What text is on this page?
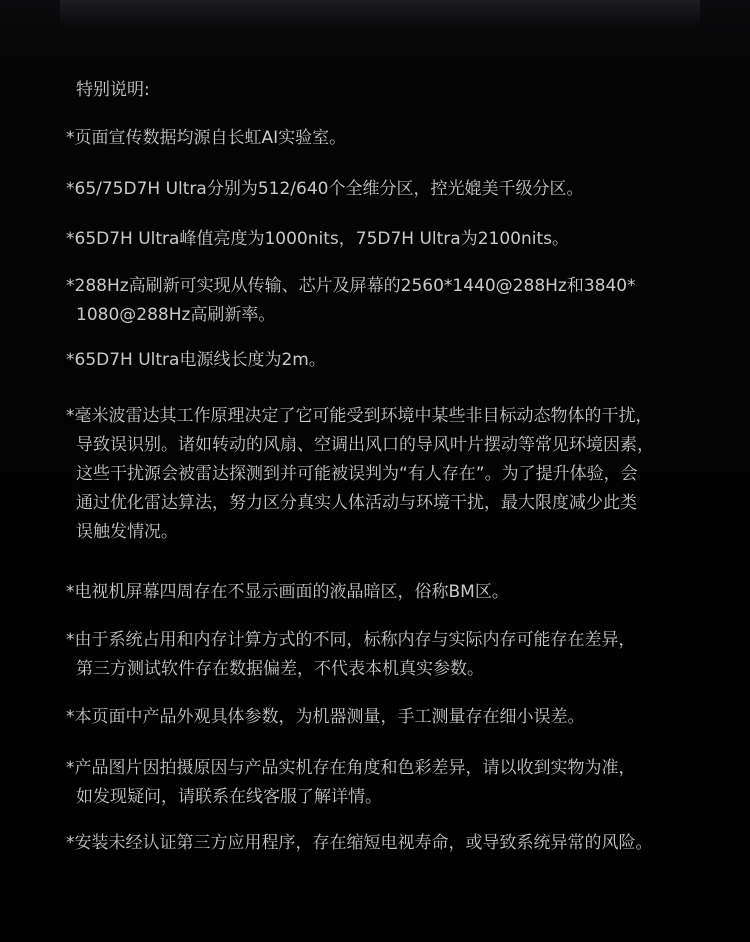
特别说明:

*页面宣传数据均源自长虹AI实验室。

*65/75D7H Ultra分别为512/640个全维分区，控光媲美千级分区。

*65D7H Ultra峰值亮度为1000nits，75D7H Ultra为2100nits。

*288Hz高刷新可实现从传输、芯片及屏幕的2560*1440@288Hz和3840*
1080@288Hz高刷新率。

*65D7H Ultra电源线长度为2m。

*毫米波雷达其工作原理决定了它可能受到环境中某些非目标动态物体的干扰，
导致误识别。诸如转动的风扇、空调出风口的导风叶片摆动等常见环境因素，
这些干扰源会被雷达探测到并可能被误判为“有人存在”。为了提升体验，会
通过优化雷达算法，努力区分真实人体活动与环境干扰，最大限度减少此类
误触发情况。

*电视机屏幕四周存在不显示画面的液晶暗区，俗称BM区。

*由于系统占用和内存计算方式的不同，标称内存与实际内存可能存在差异，
第三方测试软件存在数据偏差，不代表本机真实参数。

*本页面中产品外观具体参数，为机器测量，手工测量存在细小误差。

*产品图片因拍摄原因与产品实机存在角度和色彩差异，请以收到实物为准，
如发现疑问，请联系在线客服了解详情。

*安装未经认证第三方应用程序，存在缩短电视寿命，或导致系统异常的风险。
